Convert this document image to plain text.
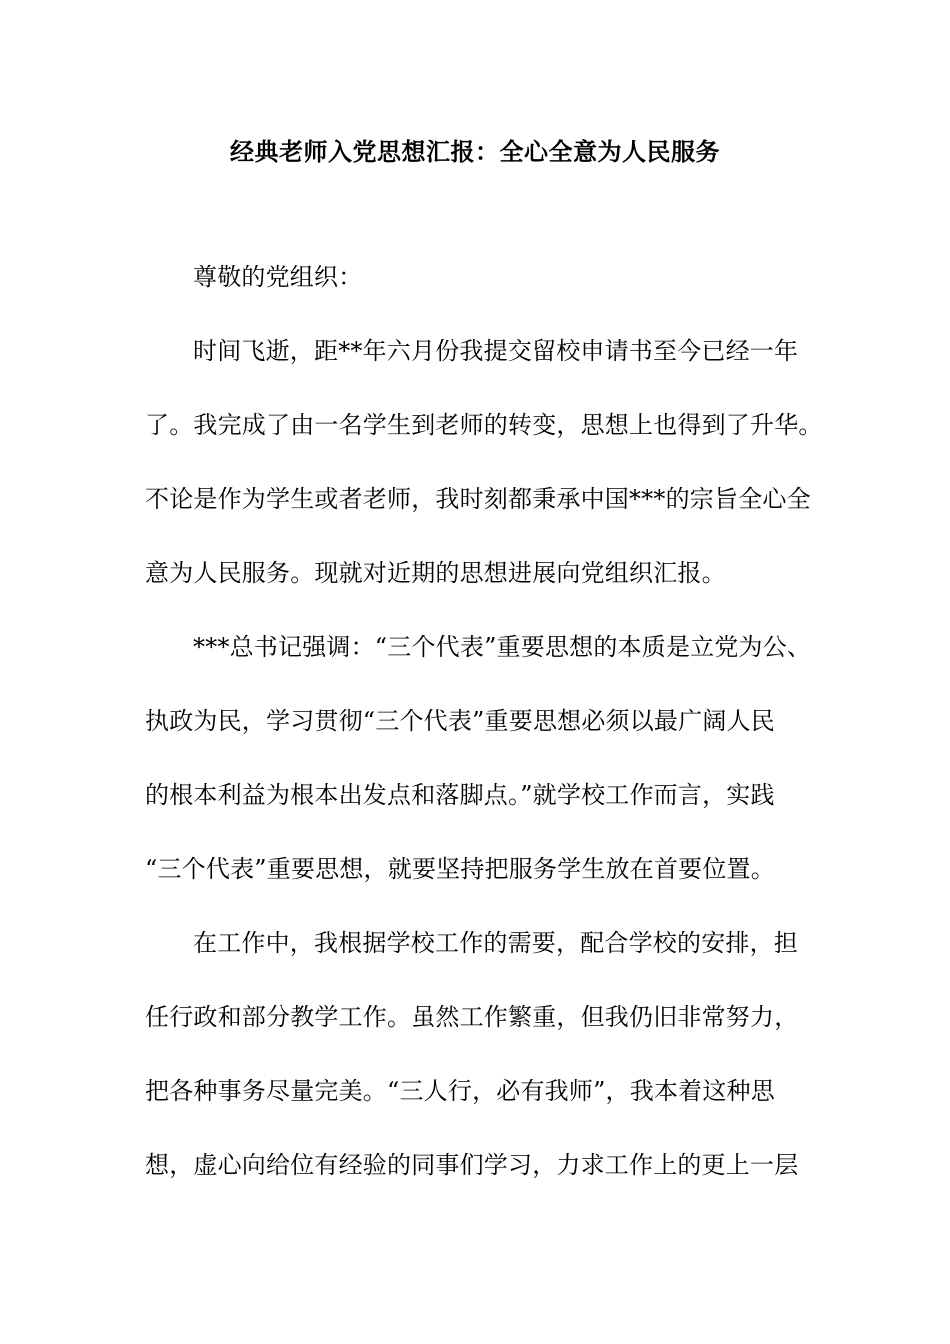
经典老师入党思想汇报：全心全意为人民服务
尊敬的党组织：
时间飞逝，距**年六月份我提交留校申请书至今已经一年
了。我完成了由一名学生到老师的转变，思想上也得到了升华。
不论是作为学生或者老师，我时刻都秉承中国***的宗旨全心全
意为人民服务。现就对近期的思想进展向党组织汇报。
***总书记强调：“三个代表”重要思想的本质是立党为公、
执政为民，学习贯彻“三个代表”重要思想必须以最广阔人民
的根本利益为根本出发点和落脚点。”就学校工作而言，实践
“三个代表”重要思想，就要坚持把服务学生放在首要位置。
在工作中，我根据学校工作的需要，配合学校的安排，担
任行政和部分教学工作。虽然工作繁重，但我仍旧非常努力，
把各种事务尽量完美。“三人行，必有我师”，我本着这种思
想，虚心向给位有经验的同事们学习，力求工作上的更上一层
